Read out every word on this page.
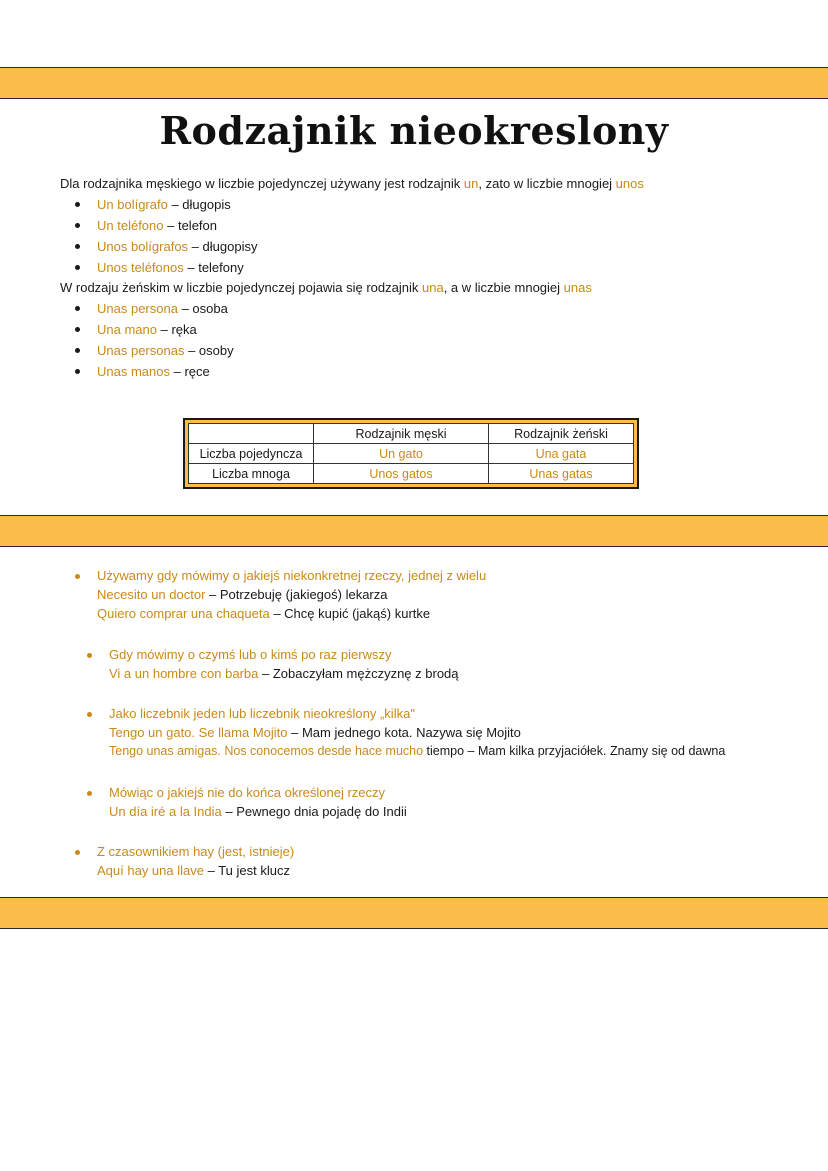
Rodzajnik nieokreslony
Dla rodzajnika męskiego w liczbie pojedynczej używany jest rodzajnik un, zato w liczbie mnogiej unos
Un bolígrafo – długopis
Un teléfono – telefon
Unos bolígrafos – długopisy
Unos teléfonos – telefony
W rodzaju żeńskim w liczbie pojedynczej pojawia się rodzajnik una, a w liczbie mnogiej unas
Unas persona – osoba
Una mano – ręka
Unas personas – osoby
Unas manos – ręce
	Rodzajnik męski	Rodzajnik żeński
Liczba pojedyncza	Un gato	Una gata
Liczba mnoga	Unos gatos	Unas gatas
Używamy gdy mówimy o jakiejś niekonkretnej rzeczy, jednej z wielu
Necesito un doctor – Potrzebuję (jakiegoś) lekarza
Quiero comprar una chaqueta – Chcę kupić (jakąś) kurtke
Gdy mówimy o czymś lub o kimś po raz pierwszy
Vi a un hombre con barba – Zobaczyłam mężczyznę z brodą
Jako liczebnik jeden lub liczebnik nieokreślony „kilka"
Tengo un gato. Se llama Mojito – Mam jednego kota. Nazywa się Mojito
Tengo unas amigas. Nos conocemos desde hace mucho tiempo – Mam kilka przyjaciółek. Znamy się od dawna
Mówiąc o jakiejś nie do końca określonej rzeczy
Un día iré a la India – Pewnego dnia pojadę do Indii
Z czasownikiem hay (jest, istnieje)
Aquí hay una llave – Tu jest klucz
